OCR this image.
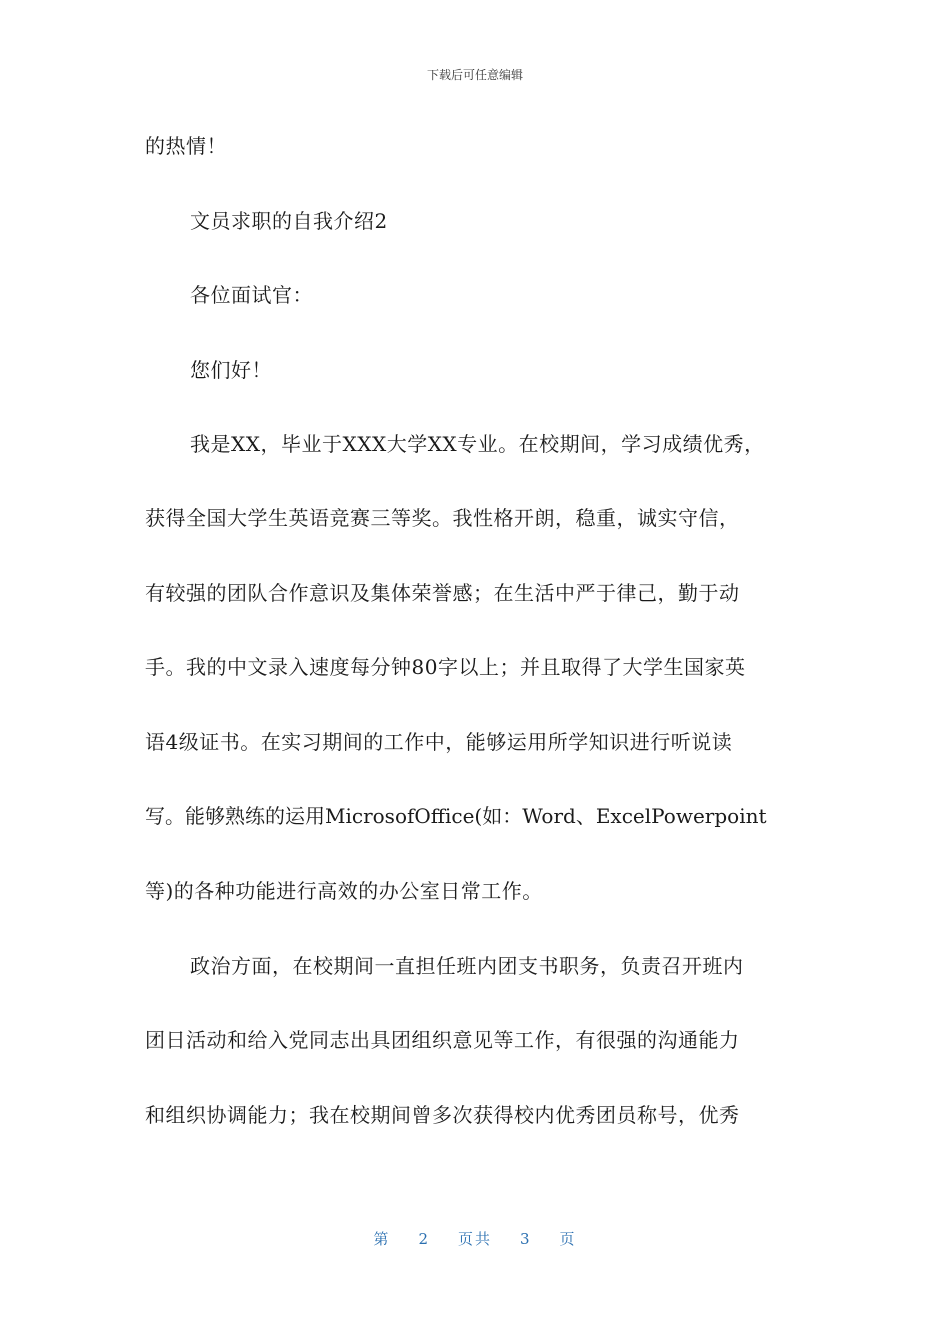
下载后可任意编辑
的热情！
文员求职的自我介绍2
各位面试官：
您们好！
我是XX，毕业于XXX大学XX专业。在校期间，学习成绩优秀，
获得全国大学生英语竞赛三等奖。我性格开朗，稳重，诚实守信，
有较强的团队合作意识及集体荣誉感；在生活中严于律己，勤于动
手。我的中文录入速度每分钟80字以上；并且取得了大学生国家英
语4级证书。在实习期间的工作中，能够运用所学知识进行听说读
写。能够熟练的运用MicrosofOffice(如：Word、ExcelPowerpoint
等)的各种功能进行高效的办公室日常工作。
政治方面，在校期间一直担任班内团支书职务，负责召开班内
团日活动和给入党同志出具团组织意见等工作，有很强的沟通能力
和组织协调能力；我在校期间曾多次获得校内优秀团员称号，优秀
第 2 页共 3 页
